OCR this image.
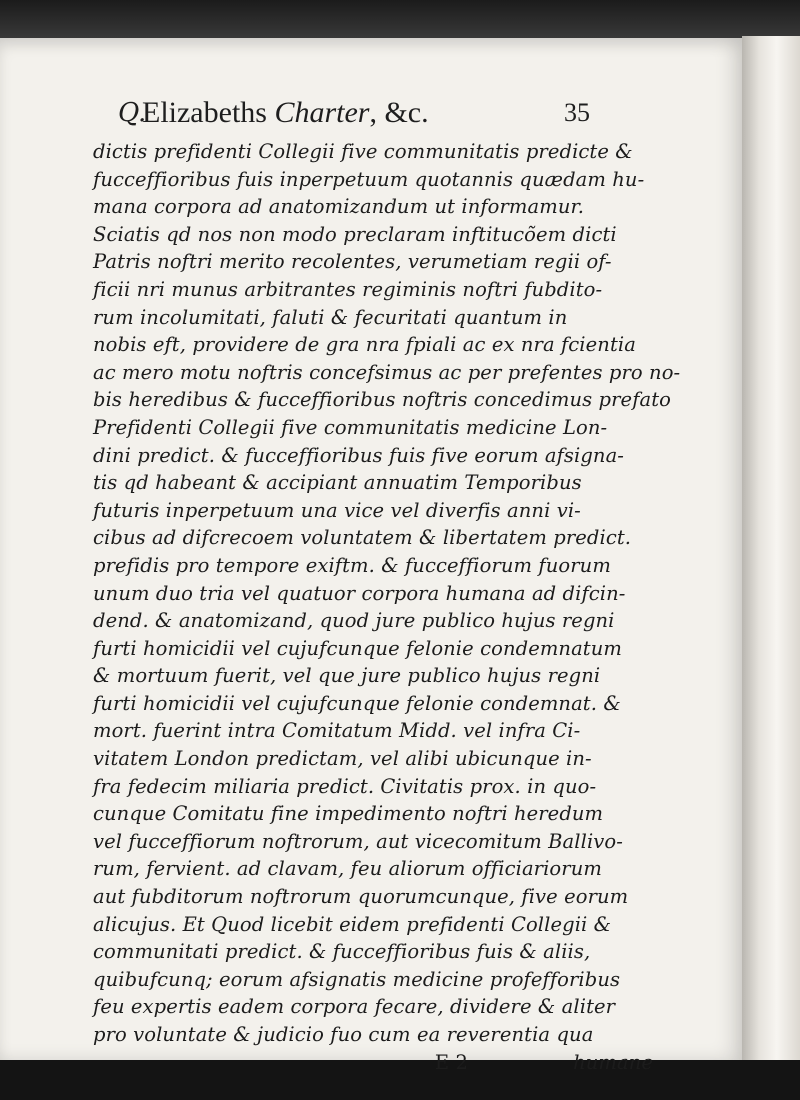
Q.
Elizabeths Charter, &c.	35
dictis prefidenti Collegii five communitatis predicte &
fucceffioribus fuis inperpetuum quotannis quædam hu-
mana corpora ad anatomizandum ut informamur.
Sciatis qd nos non modo preclaram inftitucõem dicti
Patris noftri merito recolentes, verumetiam regii of-
ficii nri munus arbitrantes regiminis noftri fubdito-
rum incolumitati, faluti & fecuritati quantum in
nobis eft, providere de gra nra fpiali ac ex nra fcientia
ac mero motu noftris concefsimus ac per prefentes pro no-
bis heredibus & fucceffioribus noftris concedimus prefato
Prefidenti Collegii five communitatis medicine Lon-
dini predict. & fucceffioribus fuis five eorum afsigna-
tis qd habeant & accipiant annuatim Temporibus
futuris inperpetuum una vice vel diverfis anni vi-
cibus ad difcrecoem voluntatem & libertatem predict.
prefidis pro tempore exiftm. & fucceffiorum fuorum
unum duo tria vel quatuor corpora humana ad difcin-
dend. & anatomizand, quod jure publico hujus regni
furti homicidii vel cujufcunque felonie condemnatum
& mortuum fuerit, vel que jure publico hujus regni
furti homicidii vel cujufcunque felonie condemnat. &
mort. fuerint intra Comitatum Midd. vel infra Ci-
vitatem London predictam, vel alibi ubicunque in-
fra fedecim miliaria predict. Civitatis prox. in quo-
cunque Comitatu fine impedimento noftri heredum
vel fucceffiorum noftrorum, aut vicecomitum Ballivo-
rum, fervient. ad clavam, feu aliorum officiariorum
aut fubditorum noftrorum quorumcunque, five eorum
alicujus. Et Quod licebit eidem prefidenti Collegii &
communitati predict. & fucceffioribus fuis & aliis,
quibufcunq; eorum afsignatis medicine profefforibus
feu expertis eadem corpora fecare, dividere & aliter
pro voluntate & judicio fuo cum ea reverentia qua
E 2	humane
